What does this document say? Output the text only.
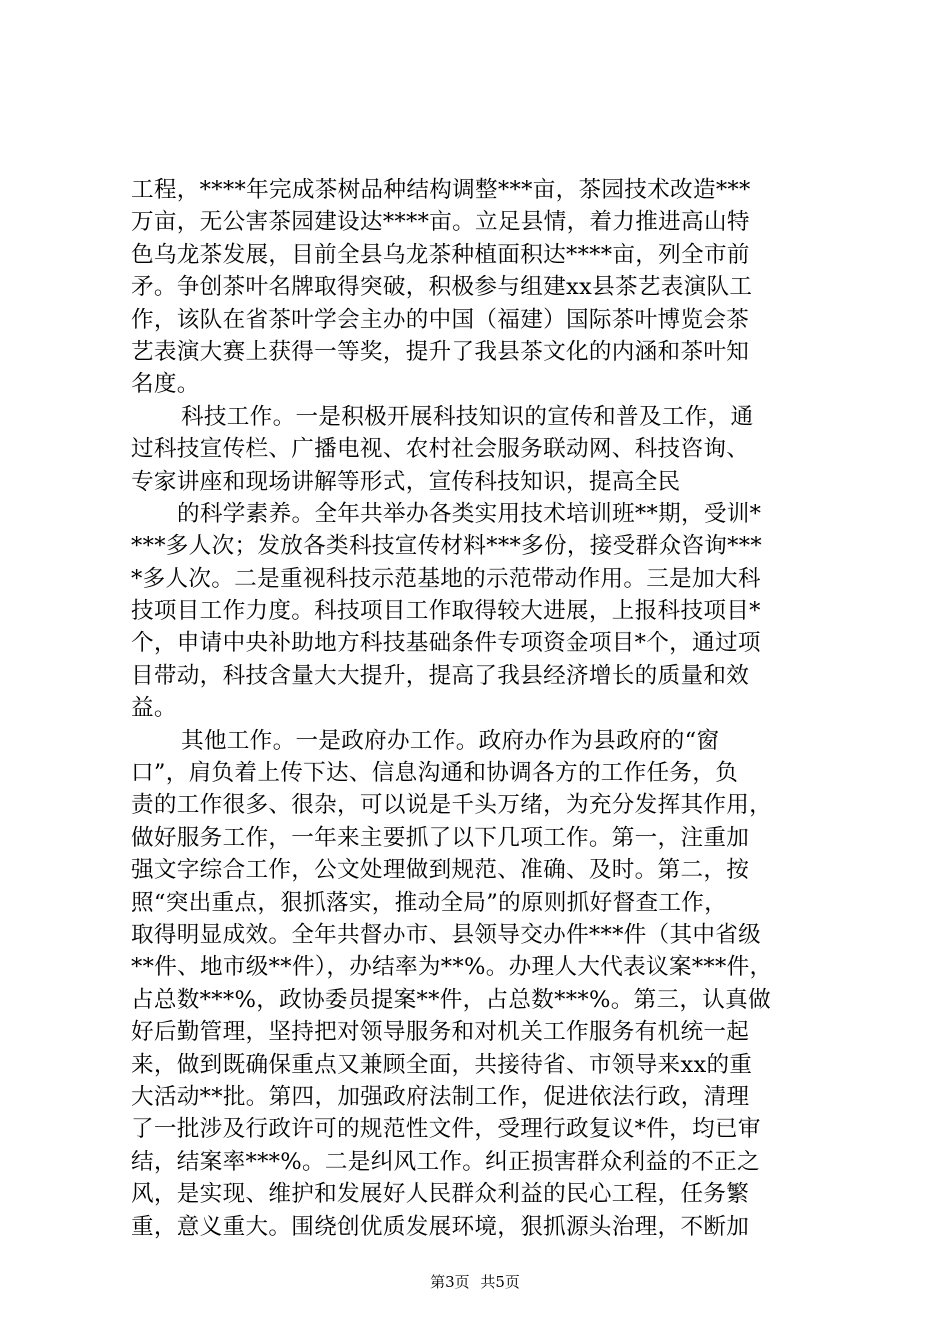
工程，****年完成茶树品种结构调整***亩，茶园技术改造***
万亩，无公害茶园建设达****亩。立足县情，着力推进高山特
色乌龙茶发展，目前全县乌龙茶种植面积达****亩，列全市前
矛。争创茶叶名牌取得突破，积极参与组建xx县茶艺表演队工
作，该队在省茶叶学会主办的中国（福建）国际茶叶博览会茶
艺表演大赛上获得一等奖，提升了我县茶文化的内涵和茶叶知
名度。
科技工作。一是积极开展科技知识的宣传和普及工作，通
过科技宣传栏、广播电视、农村社会服务联动网、科技咨询、
专家讲座和现场讲解等形式，宣传科技知识，提高全民
的科学素养。全年共举办各类实用技术培训班**期，受训*
***多人次；发放各类科技宣传材料***多份，接受群众咨询***
*多人次。二是重视科技示范基地的示范带动作用。三是加大科
技项目工作力度。科技项目工作取得较大进展，上报科技项目*
个，申请中央补助地方科技基础条件专项资金项目*个，通过项
目带动，科技含量大大提升，提高了我县经济增长的质量和效
益。
其他工作。一是政府办工作。政府办作为县政府的“窗
口”，肩负着上传下达、信息沟通和协调各方的工作任务，负
责的工作很多、很杂，可以说是千头万绪，为充分发挥其作用，
做好服务工作，一年来主要抓了以下几项工作。第一，注重加
强文字综合工作，公文处理做到规范、准确、及时。第二，按
照“突出重点，狠抓落实，推动全局”的原则抓好督查工作，
取得明显成效。全年共督办市、县领导交办件***件（其中省级
**件、地市级**件），办结率为**%。办理人大代表议案***件，
占总数***%，政协委员提案**件，占总数***%。第三，认真做
好后勤管理，坚持把对领导服务和对机关工作服务有机统一起
来，做到既确保重点又兼顾全面，共接待省、市领导来xx的重
大活动**批。第四，加强政府法制工作，促进依法行政，清理
了一批涉及行政许可的规范性文件，受理行政复议*件，均已审
结，结案率***%。二是纠风工作。纠正损害群众利益的不正之
风，是实现、维护和发展好人民群众利益的民心工程，任务繁
重，意义重大。围绕创优质发展环境，狠抓源头治理，不断加
第3页 共5页
